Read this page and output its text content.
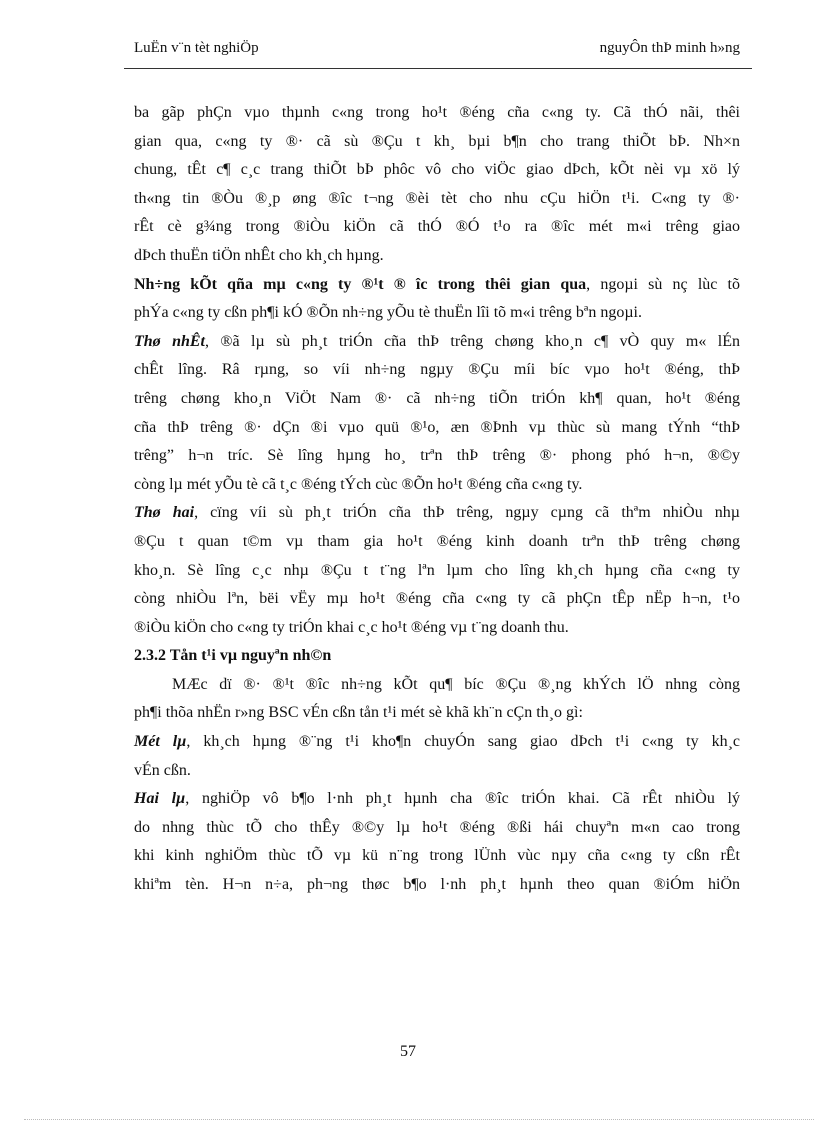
LuËn v¨n tèt nghiÖp	nguyÔn thÞ minh h»ng

ba gãp phÇn vµo thµnh c«ng trong ho¹t ®éng cña c«ng ty. Cã thÓ nãi, thêi

gian qua, c«ng ty ®· cã sù ®Çu t kh¸ bµi b¶n cho trang thiÕt bÞ. Nh×n

chung, tÊt c¶ c¸c trang thiÕt bÞ phôc vô cho viÖc giao dÞch, kÕt nèi vµ xö lý

th«ng tin ®Òu ®¸p øng ®îc t¬ng ®èi tèt cho nhu cÇu hiÖn t¹i. C«ng ty ®·

rÊt cè g¾ng trong ®iÒu kiÖn cã thÓ ®Ó t¹o ra ®îc mét m«i trêng giao

dÞch thuËn tiÖn nhÊt cho kh¸ch hµng.

Nh÷ng kÕt qña mµ c«ng ty ®¹t ® îc trong thêi gian qua, ngoµi sù nç lùc tõ

phÝa c«ng ty cßn ph¶i kÓ ®Õn nh÷ng yÕu tè thuËn lîi tõ m«i trêng bªn ngoµi.

Thø nhÊt, ®ã lµ sù ph¸t triÓn cña thÞ trêng chøng kho¸n c¶ vÒ quy m« lÉn

chÊt lîng. Râ rµng, so víi nh÷ng ngµy ®Çu míi bíc vµo ho¹t ®éng, thÞ

trêng chøng kho¸n ViÖt Nam ®· cã nh÷ng tiÕn triÓn kh¶ quan, ho¹t ®éng

cña thÞ trêng ®· dÇn ®i vµo quü ®¹o, æn ®Þnh vµ thùc sù mang tÝnh “thÞ

trêng” h¬n tríc. Sè lîng hµng ho¸ trªn thÞ trêng ®· phong phó h¬n, ®©y

còng lµ mét yÕu tè cã t¸c ®éng tÝch cùc ®Õn ho¹t ®éng cña c«ng ty.

Thø hai, cïng víi sù ph¸t triÓn cña thÞ trêng, ngµy cµng cã thªm nhiÒu nhµ

®Çu t quan t©m vµ tham gia ho¹t ®éng kinh doanh trªn thÞ trêng chøng

kho¸n. Sè lîng c¸c nhµ ®Çu t t¨ng lªn lµm cho lîng kh¸ch hµng cña c«ng ty

còng nhiÒu lªn, bëi vËy mµ ho¹t ®éng cña c«ng ty cã phÇn tÊp nËp h¬n, t¹o

®iÒu kiÖn cho c«ng ty triÓn khai c¸c ho¹t ®éng vµ t¨ng doanh thu.

2.3.2 Tån t¹i vµ nguyªn nh©n

MÆc dï ®· ®¹t ®îc nh÷ng kÕt qu¶ bíc ®Çu ®¸ng khÝch lÖ nhng còng

ph¶i thõa nhËn r»ng BSC vÉn cßn tån t¹i mét sè khã kh¨n cÇn th¸o gì:

Mét lµ, kh¸ch hµng ®¨ng t¹i kho¶n chuyÓn sang giao dÞch t¹i c«ng ty kh¸c

vÉn cßn.

Hai lµ, nghiÖp vô b¶o l·nh ph¸t hµnh cha ®îc triÓn khai. Cã rÊt nhiÒu lý

do nhng thùc tÕ cho thÊy ®©y lµ ho¹t ®éng ®ßi hái chuyªn m«n cao trong

khi kinh nghiÖm thùc tÕ vµ kü n¨ng trong lÜnh vùc nµy cña c«ng ty cßn rÊt

khiªm tèn. H¬n n÷a, ph¬ng thøc b¶o l·nh ph¸t hµnh theo quan ®iÓm hiÖn

57
